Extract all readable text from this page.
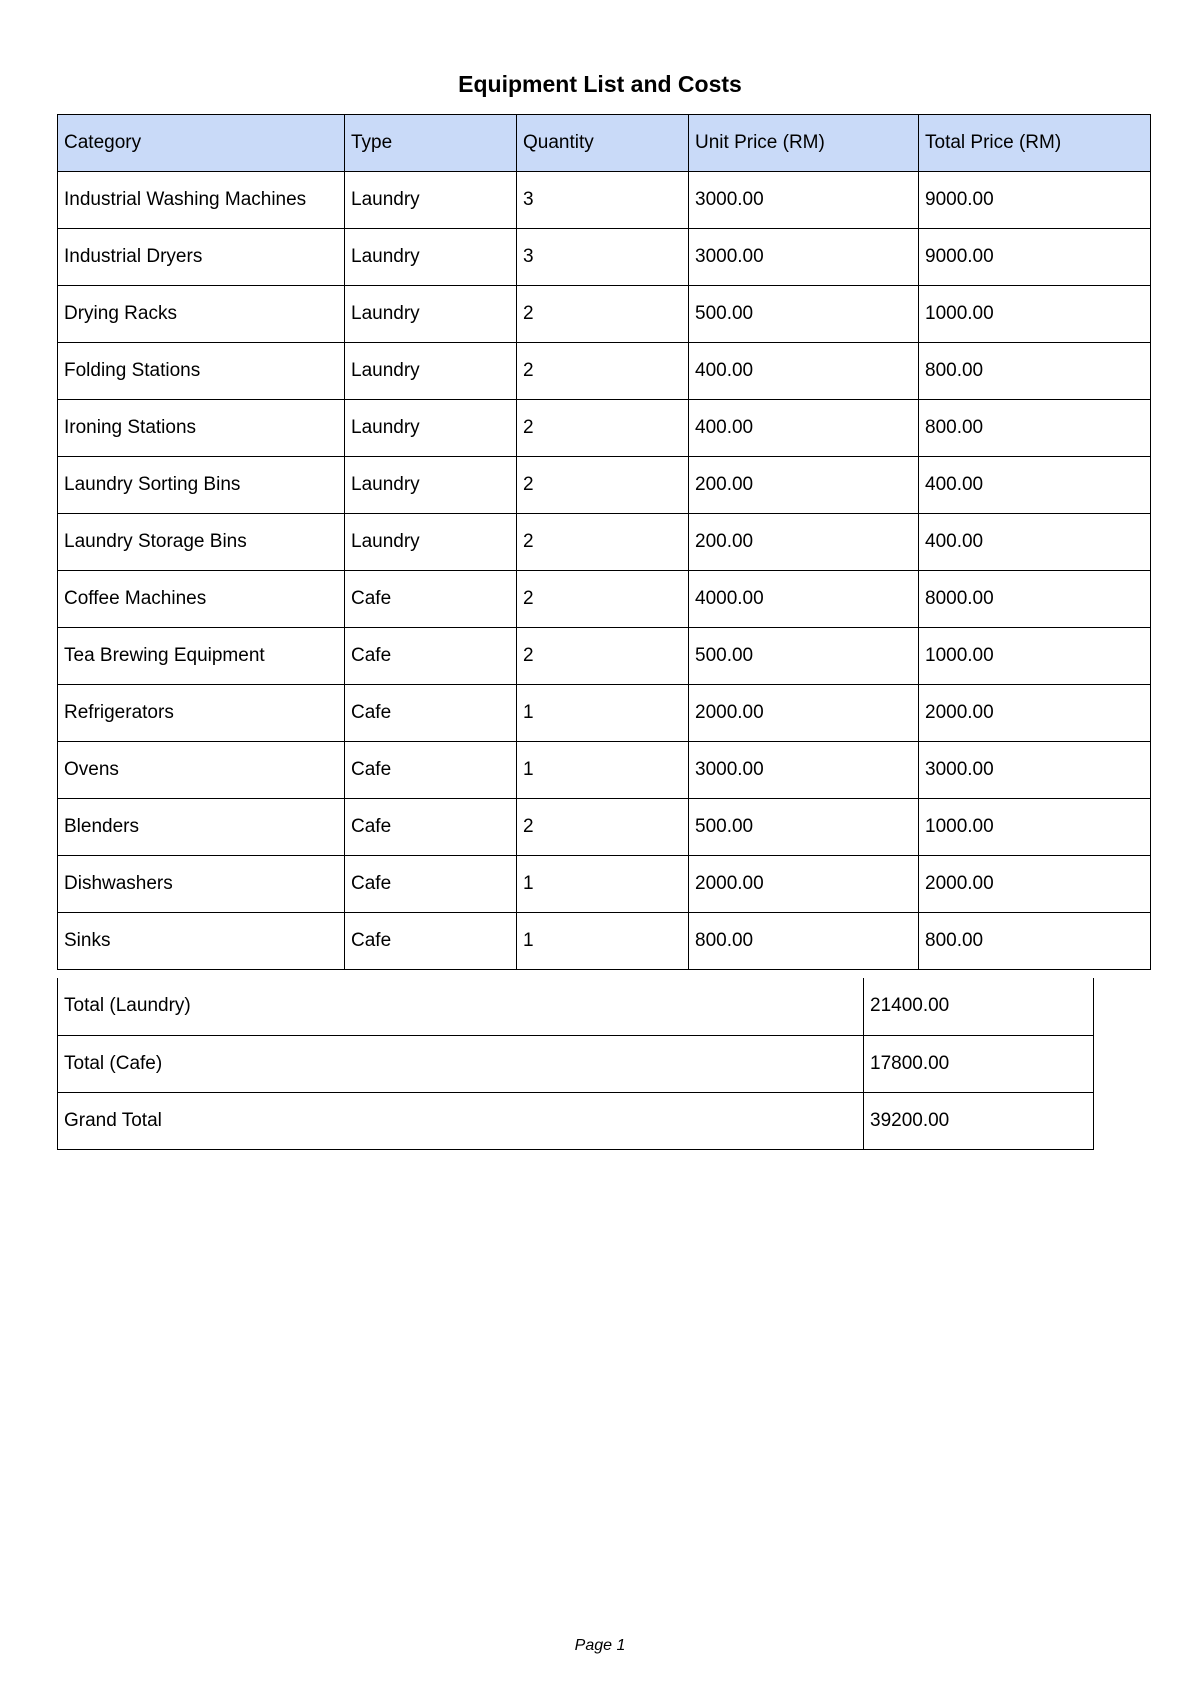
Equipment List and Costs
Category	Type	Quantity	Unit Price (RM)	Total Price (RM)
Industrial Washing Machines	Laundry	3	3000.00	9000.00
Industrial Dryers	Laundry	3	3000.00	9000.00
Drying Racks	Laundry	2	500.00	1000.00
Folding Stations	Laundry	2	400.00	800.00
Ironing Stations	Laundry	2	400.00	800.00
Laundry Sorting Bins	Laundry	2	200.00	400.00
Laundry Storage Bins	Laundry	2	200.00	400.00
Coffee Machines	Cafe	2	4000.00	8000.00
Tea Brewing Equipment	Cafe	2	500.00	1000.00
Refrigerators	Cafe	1	2000.00	2000.00
Ovens	Cafe	1	3000.00	3000.00
Blenders	Cafe	2	500.00	1000.00
Dishwashers	Cafe	1	2000.00	2000.00
Sinks	Cafe	1	800.00	800.00
Total (Laundry)	21400.00
Total (Cafe)	17800.00
Grand Total	39200.00
Page 1
